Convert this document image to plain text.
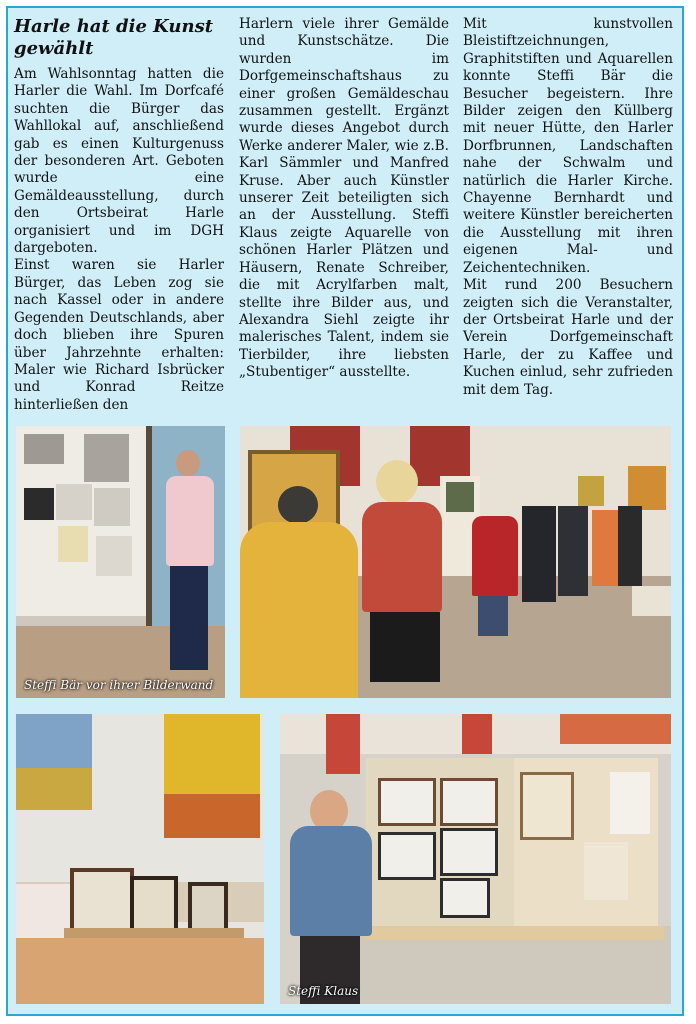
Harle hat die Kunst gewählt

Am Wahlsonntag hatten die Harler die Wahl. Im Dorfcafé suchten die Bürger das Wahllokal auf, anschließend gab es einen Kulturgenuss der besonderen Art. Geboten wurde eine Gemäldeausstellung, durch den Ortsbeirat Harle organisiert und im DGH dargeboten.

Einst waren sie Harler Bürger, das Leben zog sie nach Kassel oder in andere Gegenden Deutschlands, aber doch blieben ihre Spuren über Jahrzehnte erhalten: Maler wie Richard Isbrücker und Konrad Reitze hinterließen den

Harlern viele ihrer Gemälde und Kunstschätze. Die wurden im Dorfgemeinschaftshaus zu einer großen Gemäldeschau zusammen gestellt. Ergänzt wurde dieses Angebot durch Werke anderer Maler, wie z.B. Karl Sämmler und Manfred Kruse. Aber auch Künstler unserer Zeit beteiligten sich an der Ausstellung. Steffi Klaus zeigte Aquarelle von schönen Harler Plätzen und Häusern, Renate Schreiber, die mit Acrylfarben malt, stellte ihre Bilder aus, und Alexandra Siehl zeigte ihr malerisches Talent, indem sie Tierbilder, ihre liebsten „Stubentiger“ ausstellte.

Mit kunstvollen Bleistiftzeichnungen, Graphitstiften und Aquarellen konnte Steffi Bär die Besucher begeistern. Ihre Bilder zeigen den Küllberg mit neuer Hütte, den Harler Dorfbrunnen, Landschaften nahe der Schwalm und natürlich die Harler Kirche. Chayenne Bernhardt und weitere Künstler bereicherten die Ausstellung mit ihren eigenen Mal- und Zeichentechniken.

Mit rund 200 Besuchern zeigten sich die Veranstalter, der Ortsbeirat Harle und der Verein Dorfgemeinschaft Harle, der zu Kaffee und Kuchen einlud, sehr zufrieden mit dem Tag.

Steffi Bär vor ihrer Bilderwand
Steffi Klaus
